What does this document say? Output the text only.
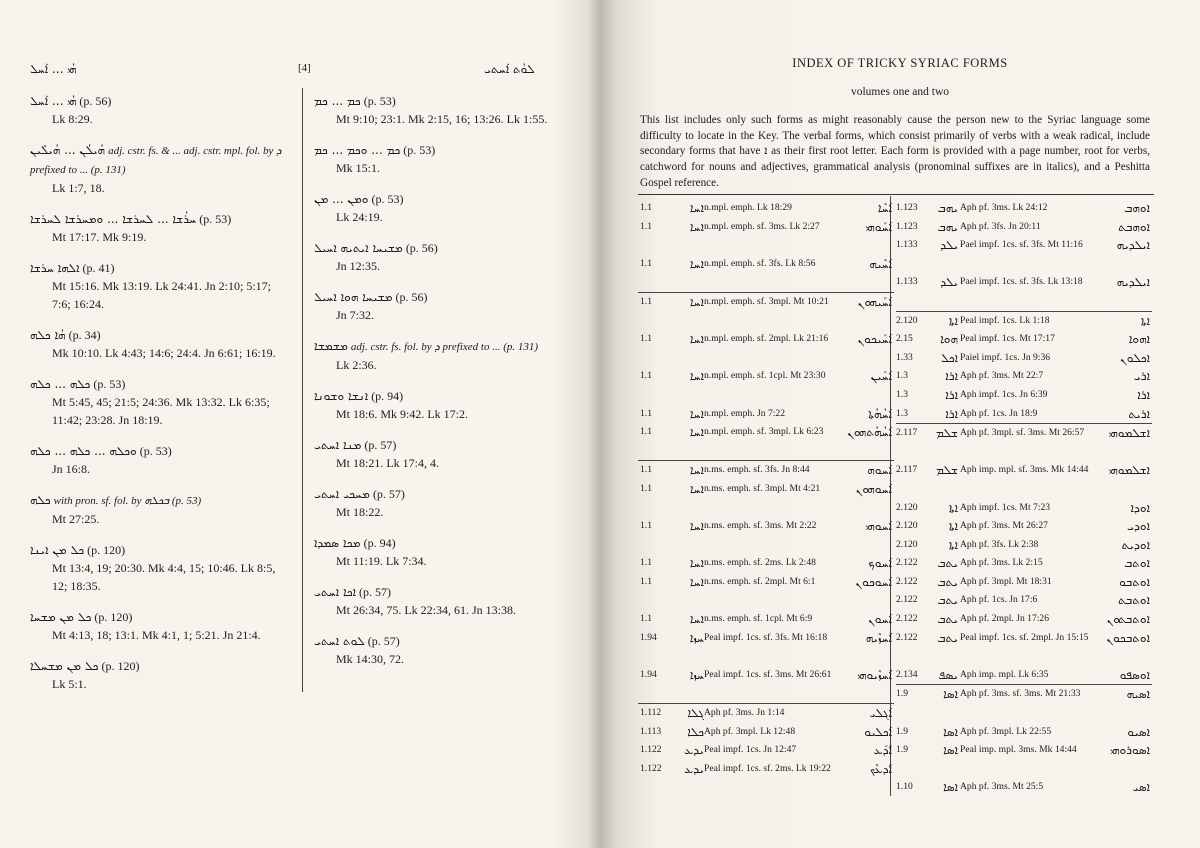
ܗܳܝ ... ܐܰܚܠ	[4]	ܠܘܳܬ ܐܰܚܬܝ
ܗܳܝ ... ܐܰܚܠ (p. 56)
Lk 8:29.
ܗܳܝܠܳܢ ... ܗܳܝܠܶܝܢ adj. cstr. fs. & ... adj. cstr. mpl. fol. by ܕ prefixed to ... (p. 131)
Lk 1:7, 18.
ܚܪܳܫܐ ... ܠܚܪܫܐ ... ܘܡܚܪܫܐ ܠܚܪܫܐ (p. 53)
Mt 17:17. Mk 9:19.
ܐܠܗܐ ܚܪܫܐ (p. 41)
Mt 15:16. Mk 13:19. Lk 24:41. Jn 2:10; 5:17; 7:6; 16:24.
ܗܳܐ ܟܠܗ (p. 34)
Mk 10:10. Lk 4:43; 14:6; 24:4. Jn 6:61; 16:19.
ܟܠܗ ... ܟܠܗ (p. 53)
Mt 5:45, 45; 21:5; 24:36. Mk 13:32. Lk 6:35; 11:42; 23:28. Jn 18:19.
ܘܟܠܗ ... ܟܠܗ ... ܟܠܗ (p. 53)
Jn 16:8.
ܟܠܗ with pron. sf. fol. by ܒܟܠܗ (p. 53)
Mt 27:25.
ܟܠ ܡܢ ܐܝܢܐ (p. 120)
Mt 13:4, 19; 20:30. Mk 4:4, 15; 10:46. Lk 8:5, 12; 18:35.
ܟܠ ܡܢ ܡܫܚܐ (p. 120)
Mt 4:13, 18; 13:1. Mk 4:1, 1; 5:21. Jn 21:4.
ܟܠ ܡܢ ܡܫܚܠܐ (p. 120)
Lk 5:1.
ܟܡ ... ܟܡ (p. 53)
Mt 9:10; 23:1. Mk 2:15, 16; 13:26. Lk 1:55.
ܟܡ ... ܘܟܡ ... ܟܡ (p. 53)
Mk 15:1.
ܘܡܢ ... ܡܢ (p. 53)
Lk 24:19.
ܡܫܝܚܐ ܐܝܬܝܗ ܐܚܝܠ (p. 56)
Jn 12:35.
ܡܫܝܚܐ ܗܘܐ ܐܚܝܠ (p. 56)
Jn 7:32.
ܡܫܡܫܐ adj. cstr. fs. fol. by ܕ prefixed to ... (p. 131)
Lk 2:36.
ܐܢܫܐ ܘܫܘܢܐ (p. 94)
Mt 18:6. Mk 9:42. Lk 17:2.
ܡܢܐ ܐܚܬܝ (p. 57)
Mt 18:21. Lk 17:4, 4.
ܡܚܟܝ ܐܚܬܝ (p. 57)
Mt 18:22.
ܡܟܐ ܣܡܕܐ (p. 94)
Mt 11:19. Lk 7:34.
ܐܟܐ ܐܚܬܝ (p. 57)
Mt 26:34, 75. Lk 22:34, 61. Jn 13:38.
ܠܘܬ ܐܚܬܝ (p. 57)
Mk 14:30, 72.
INDEX OF TRICKY SYRIAC FORMS
volumes one and two
This list includes only such forms as might reasonably cause the person new to the Syriac language some difficulty to locate in the Key. The verbal forms, which consist primarily of verbs with a weak radical, include secondary forms that have ܐ as their first root letter. Each form is provided with a page number, root for verbs, catchword for nouns and adjectives, grammatical analysis (pronominal suffixes are in italics), and a Peshitta Gospel reference.
1.1	ܐܚܐ n.mpl. emph. Lk 18:29	ܐܰܚܶܐ
1.1	ܐܚܐ n.mpl. emph. sf. 3ms. Lk 2:27	ܐܰܚܰܘܗܝ
1.1	ܐܚܐ n.mpl. emph. sf. 3fs. Lk 8:56	ܐܰܚܶܝܗ
1.1	ܐܚܐ n.mpl. emph. sf. 3mpl. Mt 10:21	ܐܰܚܰܝܗܘܢ
1.1	ܐܚܐ n.mpl. emph. sf. 2mpl. Lk 21:16	ܐܰܚܰܝܟܘܢ
1.1	ܐܚܐ n.mpl. emph. sf. 1cpl. Mt 23:30	ܐܰܚܰܝܢ
1.1	ܐܚܐ n.mpl. emph. Jn 7:22	ܐܰܚܳܗܳܬܐ
1.1	ܐܚܐ n.mpl. emph. sf. 3mpl. Lk 6:23	ܐܰܚܳܗܳܬܗܘܢ
1.1	ܐܚܐ n.ms. emph. sf. 3fs. Jn 8:44	ܐܰܚܘܗ
1.1	ܐܚܐ n.ms. emph. sf. 3mpl. Mt 4:21	ܐܰܚܘܗܘܢ
1.1	ܐܚܐ n.ms. emph. sf. 3ms. Mt 2:22	ܐܰܚܘܗܝ
1.1	ܐܚܐ n.ms. emph. sf. 2ms. Lk 2:48	ܐܰܚܘܟ
1.1	ܐܚܐ n.ms. emph. sf. 2mpl. Mt 6:1	ܐܰܚܘܟܘܢ
1.1	ܐܚܐ n.ms. emph. sf. 1cpl. Mt 6:9	ܐܰܚܘܢ
1.94	ܚܙܐ Peal impf. 1cs. sf. 3fs. Mt 16:18	ܐܶܚܙܶܝܗ
1.94	ܚܙܐ Peal impf. 1cs. sf. 3ms. Mt 26:61	ܐܶܚܙܶܝܘܗܝ
1.112	ܓܠܐ Aph pf. 3ms. Jn 1:14	ܐܰܓܠܝ
1.113	ܟܠܐ Aph pf. 3mpl. Lk 12:48	ܐܰܟܠܝܘ
1.122	ܝܕܥ Peal impf. 1cs. Jn 12:47	ܐܺܕܰܥ
1.122	ܝܕܥ Peal impf. 1cs. sf. 2ms. Lk 19:22	ܐܺܕܥܶܟ
1.123	ܝܗܒ Aph pf. 3ms. Lk 24:12	ܐܘܗܒ
1.123	ܝܗܒ Aph pf. 3fs. Jn 20:11	ܐܘܗܒܬ
1.133	ܝܠܕ Pael impf. 1cs. sf. 3fs. Mt 11:16	ܐܝܠܕܝܗ
1.133	ܝܠܕ Pael impf. 1cs. sf. 3fs. Lk 13:18	ܐܝܠܕܝܗ
2.120	ܐܬܐ Peal impf. 1cs. Lk 1:18	ܐܬܐ
2.15	ܗܘܐ Peal impf. 1cs. Mt 17:17	ܐܗܘܐ
1.33	ܐܟܠ Paiel impf. 1cs. Jn 9:36	ܐܟܠܘܢ
1.3	ܐܪܐ Aph pf. 3ms. Mt 22:7	ܐܪܝ
1.3	ܐܪܐ Aph impf. 1cs. Jn 6:39	ܐܪܐ
1.3	ܐܪܐ Aph pf. 1cs. Jn 18:9	ܐܪܝܬ
2.117	ܫܠܡ Aph pf. 3mpl. sf. 3ms. Mt 26:57	ܐܫܠܡܘܗܝ
2.117	ܫܠܡ Aph imp. mpl. sf. 3ms. Mk 14:44	ܐܫܠܡܘܗܝ
2.120	ܐܬܐ Aph impf. 1cs. Mt 7:23	ܐܘܕܐ
2.120	ܐܬܐ Aph pf. 3ms. Mt 26:27	ܐܘܕܝ
2.120	ܐܬܐ Aph pf. 3fs. Lk 2:38	ܐܘܕܝܬ
2.122	ܝܬܒ Aph pf. 3ms. Lk 2:15	ܐܘܬܒ
2.122	ܝܬܒ Aph pf. 3mpl. Mt 18:31	ܐܘܬܒܘ
2.122	ܝܬܒ Aph pf. 1cs. Jn 17:6	ܐܘܬܒܬ
2.122	ܝܬܒ Aph pf. 2mpl. Jn 17:26	ܐܘܬܒܬܘܢ
2.122	ܝܬܒ Peal impf. 1cs. sf. 2mpl. Jn 15:15	ܐܘܬܒܟܘܢ
2.134	ܝܣܦ Aph imp. mpl. Lk 6:35	ܐܘܣܦܘ
1.9	ܐܣܐ Aph pf. 3ms. sf. 3ms. Mt 21:33	ܐܣܝܗ
1.9	ܐܣܐ Aph pf. 3mpl. Lk 22:55	ܐܣܝܘ
1.9	ܐܣܐ Peal imp. mpl. 3ms. Mk 14:44	ܐܣܘܪܘܗܝ
1.10	ܐܣܐ Aph pf. 3ms. Mt 25:5	ܐܣܝ
